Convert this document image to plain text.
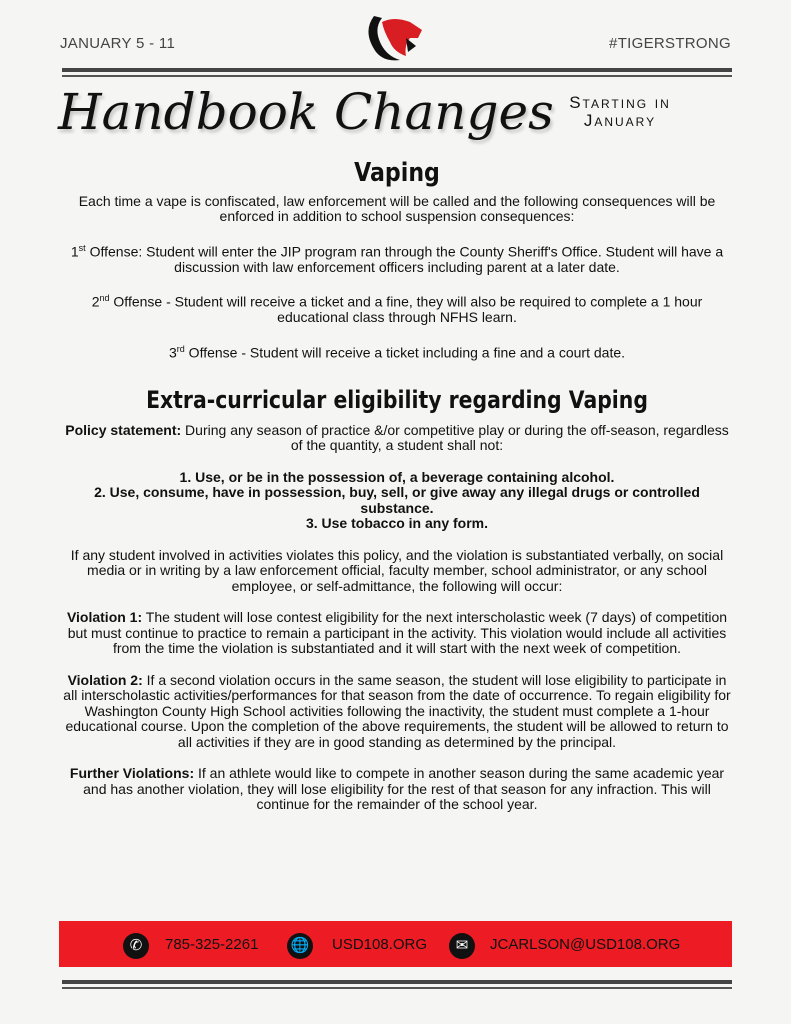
JANUARY 5 - 11	#TIGERSTRONG
Handbook Changes Starting in
January
Vaping

Each time a vape is confiscated, law enforcement will be called and the following consequences will be enforced in addition to school suspension consequences:

1st Offense: Student will enter the JIP program ran through the County Sheriff's Office. Student will have a discussion with law enforcement officers including parent at a later date.

2nd Offense - Student will receive a ticket and a fine, they will also be required to complete a 1 hour educational class through NFHS learn.

3rd Offense - Student will receive a ticket including a fine and a court date.

Extra-curricular eligibility regarding Vaping

Policy statement: During any season of practice &/or competitive play or during the off-season, regardless of the quantity, a student shall not:

1. Use, or be in the possession of, a beverage containing alcohol.
2. Use, consume, have in possession, buy, sell, or give away any illegal drugs or controlled substance.
3. Use tobacco in any form.

If any student involved in activities violates this policy, and the violation is substantiated verbally, on social media or in writing by a law enforcement official, faculty member, school administrator, or any school employee, or self-admittance, the following will occur:

Violation 1: The student will lose contest eligibility for the next interscholastic week (7 days) of competition but must continue to practice to remain a participant in the activity. This violation would include all activities from the time the violation is substantiated and it will start with the next week of competition.

Violation 2: If a second violation occurs in the same season, the student will lose eligibility to participate in all interscholastic activities/performances for that season from the date of occurrence. To regain eligibility for Washington County High School activities following the inactivity, the student must complete a 1-hour educational course. Upon the completion of the above requirements, the student will be allowed to return to all activities if they are in good standing as determined by the principal.

Further Violations: If an athlete would like to compete in another season during the same academic year and has another violation, they will lose eligibility for the rest of that season for any infraction. This will continue for the remainder of the school year.

✆	785-325-2261 🌐 USD108.ORG	✉	JCARLSON@USD108.ORG
